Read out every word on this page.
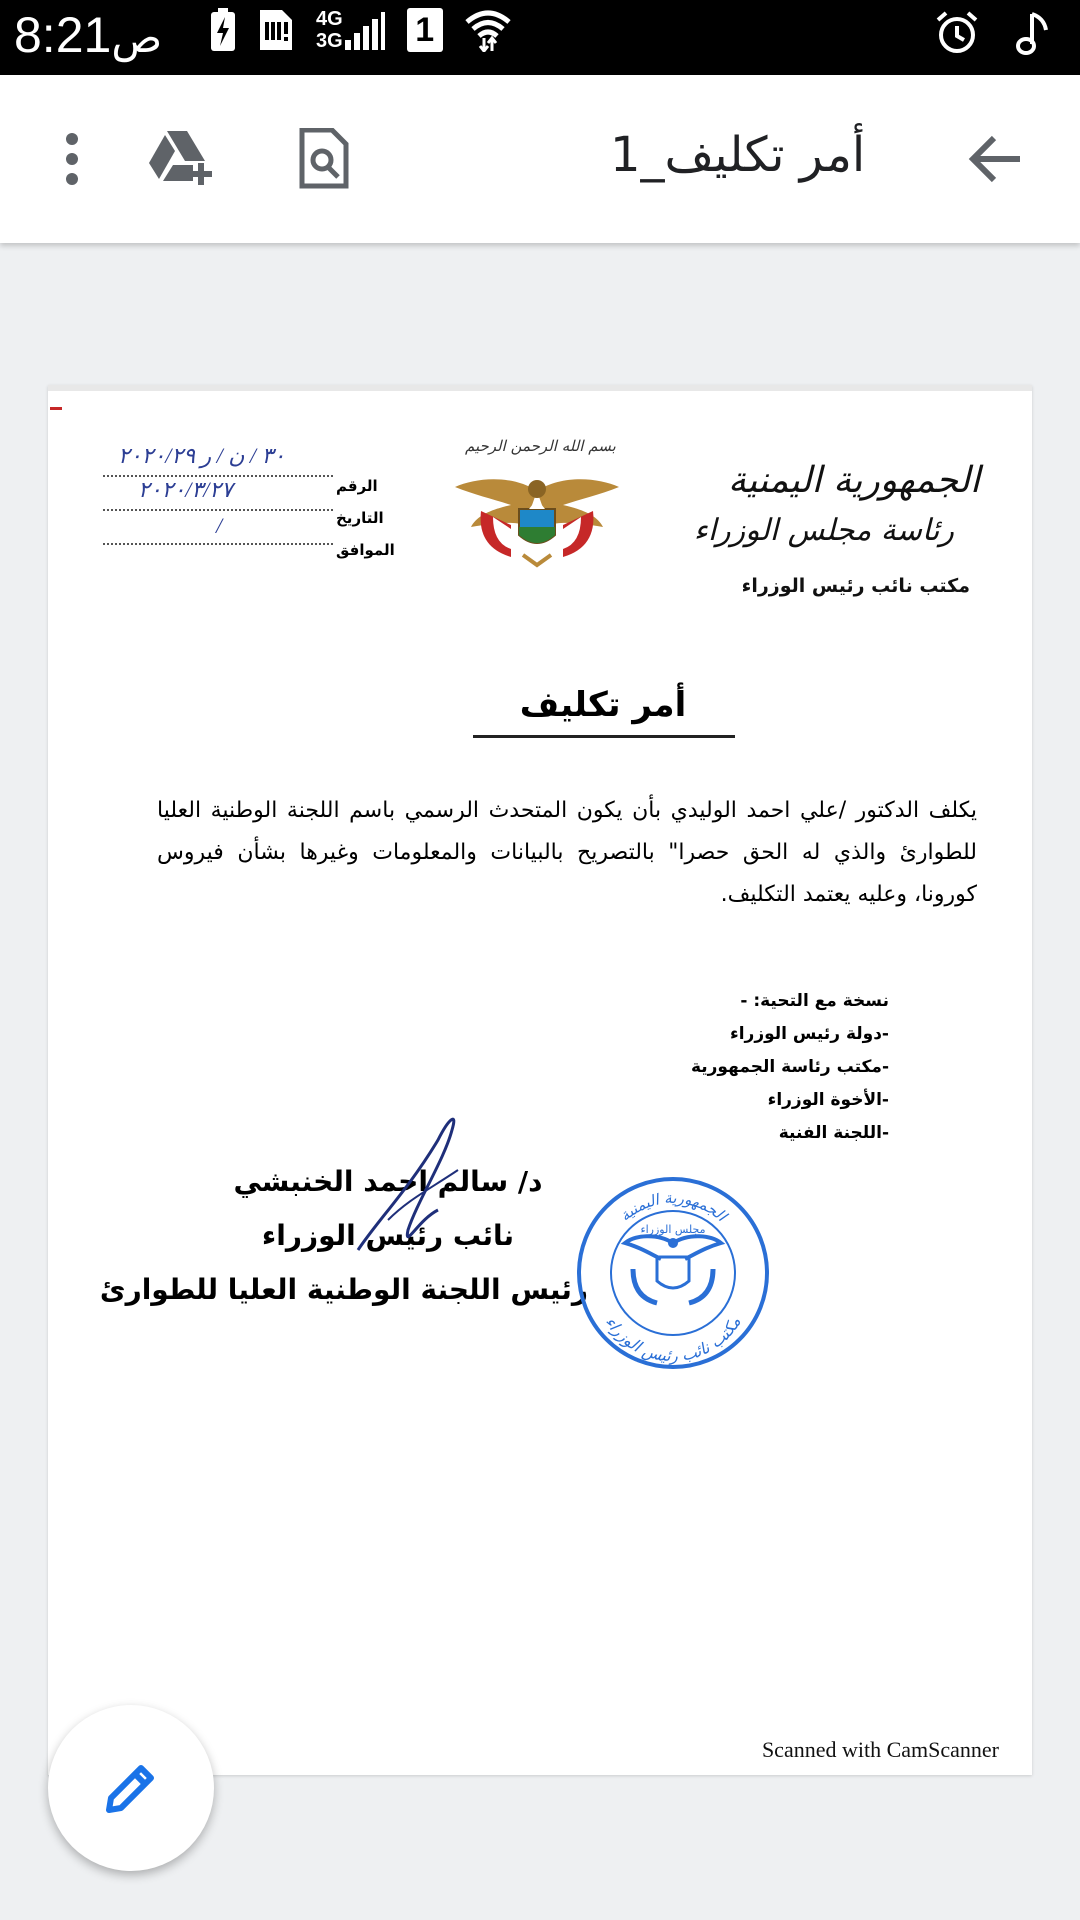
ص8:21	4G
3G 1
أمر تكليف_1
الجمهورية اليمنية
رئاسة مجلس الوزراء
مكتب نائب رئيس الوزراء
بسم الله الرحمن الرحيم
الرقم
٣٠ / ن / ر ٢٠٢٠/٢٩
التاريخ
٢٠٢٠/٣/٢٧
الموافق
/
أمر تكليف
يكلف الدكتور /علي احمد الوليدي بأن يكون المتحدث الرسمي باسم اللجنة الوطنية العليا للطوارئ والذي له الحق حصرا" بالتصريح بالبيانات والمعلومات وغيرها بشأن فيروس كورونا، وعليه يعتمد التكليف.
نسخة مع التحية: -
-دولة رئيس الوزراء
-مكتب رئاسة الجمهورية
-الأخوة الوزراء
-اللجنة الفنية
د/ سالم احمد الخنبشي
نائب رئيس الوزراء
رئيس اللجنة الوطنية العليا للطوارئ
الجمهورية اليمنية
مجلس الوزراء
مكتب نائب رئيس الوزراء
Scanned with CamScanner
